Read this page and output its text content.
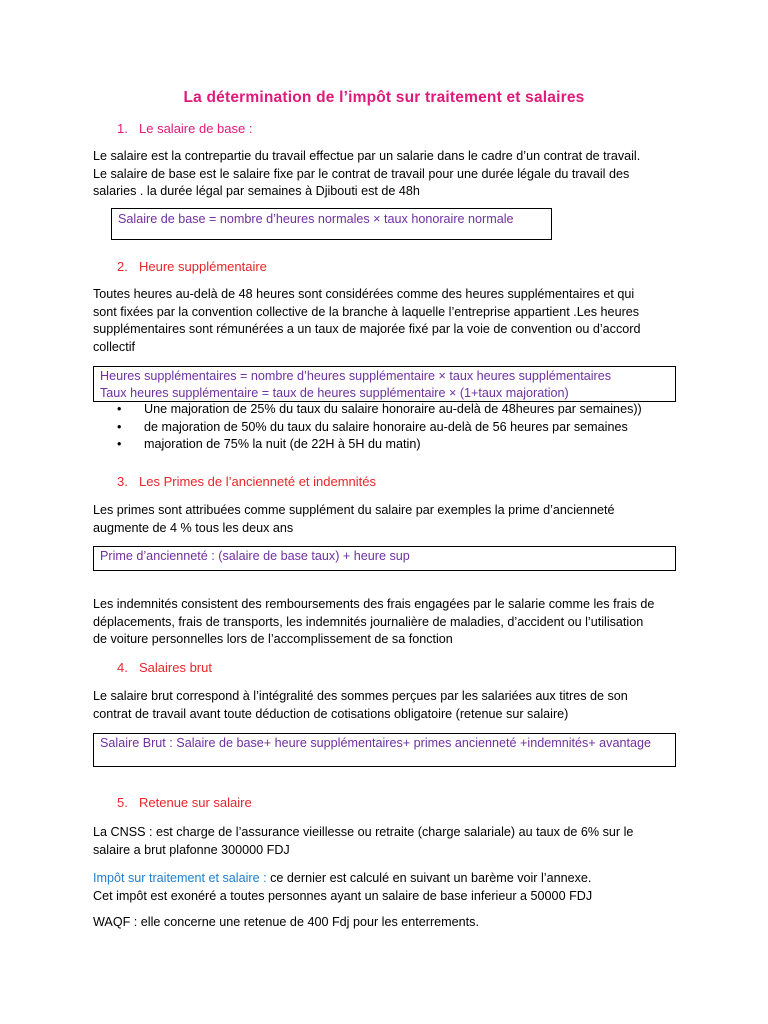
La détermination de l’impôt sur traitement et salaires
1. Le salaire de base :

Le salaire est la contrepartie du travail effectue par un salarie dans le cadre d’un contrat de travail.

Le salaire de base est le salaire fixe par le contrat de travail pour une durée légale du travail des

salaries . la durée légal par semaines à Djibouti est de 48h

Salaire de base = nombre d’heures normales × taux honoraire normale
2. Heure supplémentaire

Toutes heures au-delà de 48 heures sont considérées comme des heures supplémentaires et qui

sont fixées par la convention collective de la branche à laquelle l’entreprise appartient .Les heures

supplémentaires sont rémunérées a un taux de majorée fixé par la voie de convention ou d’accord

collectif

Heures supplémentaires = nombre d’heures supplémentaire × taux heures supplémentaires
Taux heures supplémentaire = taux de heures supplémentaire × (1+taux majoration)
• Une majoration de 25% du taux du salaire honoraire au-delà de 48heures par semaines))
• de majoration de 50% du taux du salaire honoraire au-delà de 56 heures par semaines
• majoration de 75% la nuit (de 22H à 5H du matin)
3. Les Primes de l’ancienneté et indemnités

Les primes sont attribuées comme supplément du salaire par exemples la prime d’ancienneté

augmente de 4 % tous les deux ans

Prime d’ancienneté : (salaire de base taux) + heure sup

Les indemnités consistent des remboursements des frais engagées par le salarie comme les frais de

déplacements, frais de transports, les indemnités journalière de maladies, d’accident ou l’utilisation

de voiture personnelles lors de l’accomplissement de sa fonction

4. Salaires brut

Le salaire brut correspond à l’intégralité des sommes perçues par les salariées aux titres de son

contrat de travail avant toute déduction de cotisations obligatoire (retenue sur salaire)

Salaire Brut : Salaire de base+ heure supplémentaires+ primes ancienneté +indemnités+ avantage
5. Retenue sur salaire

La CNSS : est charge de l’assurance vieillesse ou retraite (charge salariale) au taux de 6% sur le

salaire a brut plafonne 300000 FDJ

Impôt sur traitement et salaire : ce dernier est calculé en suivant un barème voir l’annexe.

Cet impôt est exonéré a toutes personnes ayant un salaire de base inferieur a 50000 FDJ

WAQF : elle concerne une retenue de 400 Fdj pour les enterrements.
